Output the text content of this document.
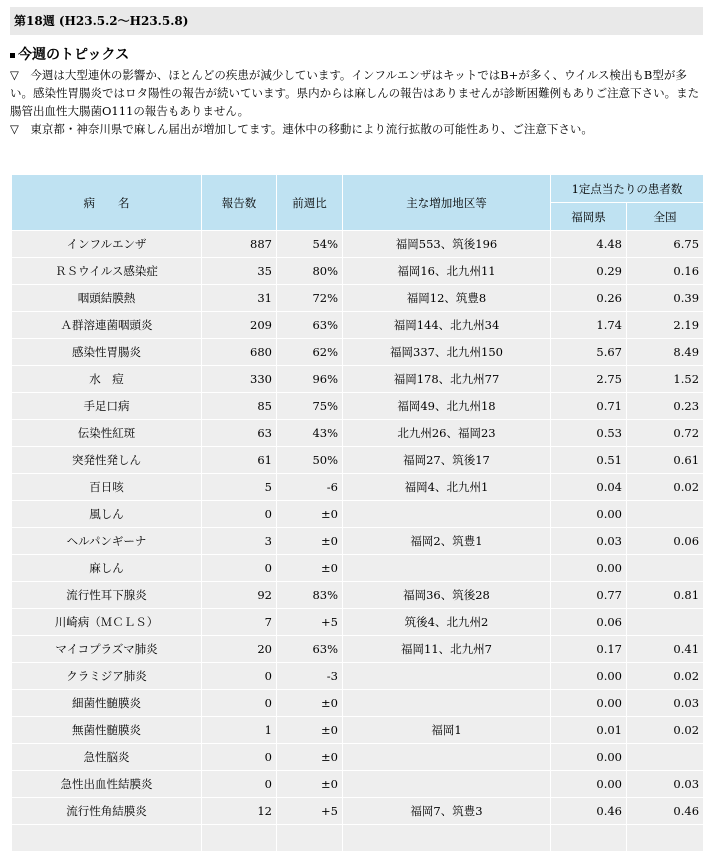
第18週 (H23.5.2〜H23.5.8)
今週のトピックス

▽　今週は大型連休の影響か、ほとんどの疾患が減少しています。インフルエンザはキットではB+が多く、ウイルス検出もB型が多い。感染性胃腸炎ではロタ陽性の報告が続いています。県内からは麻しんの報告はありませんが診断困難例もありご注意下さい。また腸管出血性大腸菌O111の報告もありません。

▽　東京都・神奈川県で麻しん届出が増加してます。連休中の移動により流行拡散の可能性あり、ご注意下さい。

病　　名	報告数	前週比	主な増加地区等	1定点当たりの患者数	
				福岡県	全国
インフルエンザ	887	54%	福岡553、筑後196	4.48	6.75
ＲＳウイルス感染症	35	80%	福岡16、北九州11	0.29	0.16
咽頭結膜熱	31	72%	福岡12、筑豊8	0.26	0.39
Ａ群溶連菌咽頭炎	209	63%	福岡144、北九州34	1.74	2.19
感染性胃腸炎	680	62%	福岡337、北九州150	5.67	8.49
水　痘	330	96%	福岡178、北九州77	2.75	1.52
手足口病	85	75%	福岡49、北九州18	0.71	0.23
伝染性紅斑	63	43%	北九州26、福岡23	0.53	0.72
突発性発しん	61	50%	福岡27、筑後17	0.51	0.61
百日咳	5	-6	福岡4、北九州1	0.04	0.02
風しん	0	±0		0.00	
ヘルパンギーナ	3	±0	福岡2、筑豊1	0.03	0.06
麻しん	0	±0		0.00	
流行性耳下腺炎	92	83%	福岡36、筑後28	0.77	0.81
川崎病（ＭＣＬＳ）	7	+5	筑後4、北九州2	0.06	
マイコプラズマ肺炎	20	63%	福岡11、北九州7	0.17	0.41
クラミジア肺炎	0	-3		0.00	0.02
細菌性髄膜炎	0	±0		0.00	0.03
無菌性髄膜炎	1	±0	福岡1	0.01	0.02
急性脳炎	0	±0		0.00	
急性出血性結膜炎	0	±0		0.00	0.03
流行性角結膜炎	12	+5	福岡7、筑豊3	0.46	0.46
